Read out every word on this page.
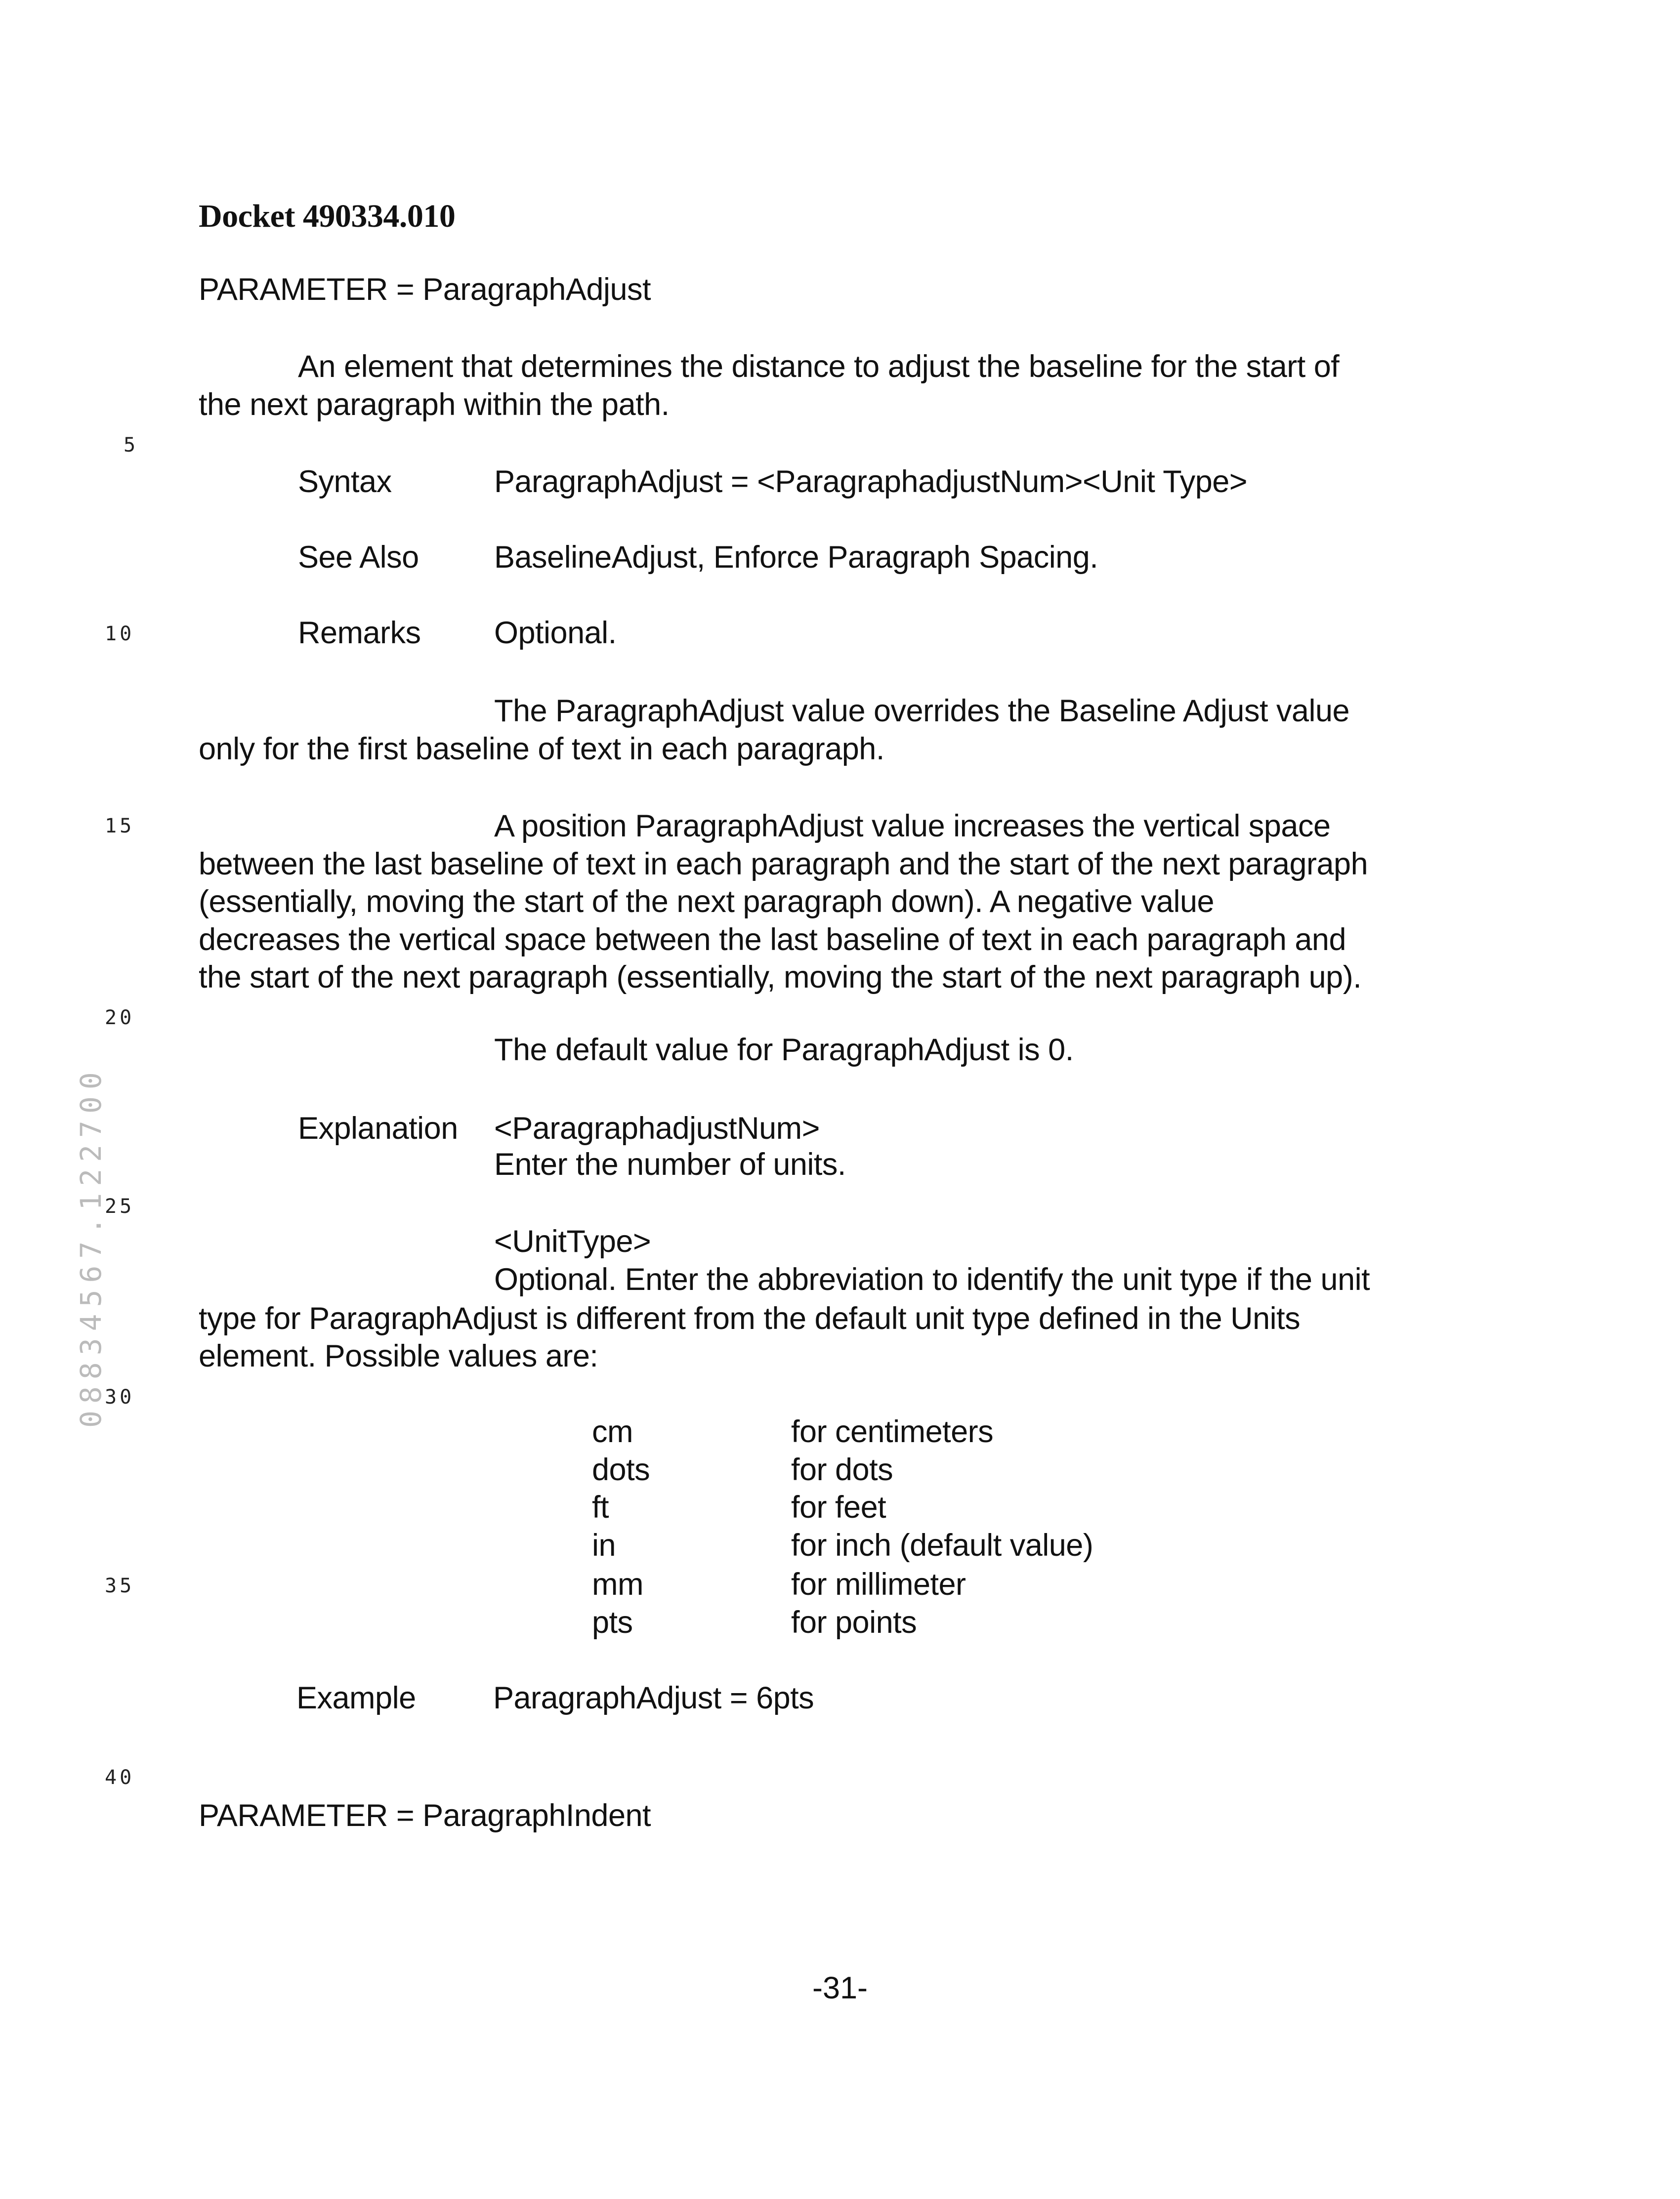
Docket 490334.010
PARAMETER = ParagraphAdjust
An element that determines the distance to adjust the baseline for the start of
the next paragraph within the path.
Syntax	ParagraphAdjust = <ParagraphadjustNum><Unit Type>
See Also BaselineAdjust, Enforce Paragraph Spacing.
Remarks Optional.
The ParagraphAdjust value overrides the Baseline Adjust value
only for the first baseline of text in each paragraph.
A position ParagraphAdjust value increases the vertical space
between the last baseline of text in each paragraph and the start of the next paragraph
(essentially, moving the start of the next paragraph down). A negative value
decreases the vertical space between the last baseline of text in each paragraph and
the start of the next paragraph (essentially, moving the start of the next paragraph up).
The default value for ParagraphAdjust is 0.
Explanation <ParagraphadjustNum>
Enter the number of units.
<UnitType>
Optional. Enter the abbreviation to identify the unit type if the unit
type for ParagraphAdjust is different from the default unit type defined in the Units
element. Possible values are:
cm	for centimeters
dots	for dots
ft	for feet
in	for inch (default value)
mm	for millimeter
pts	for points
Example ParagraphAdjust = 6pts
PARAMETER = ParagraphIndent
5
10
15
20
25
30
35
40
08834567.122700
-31-
